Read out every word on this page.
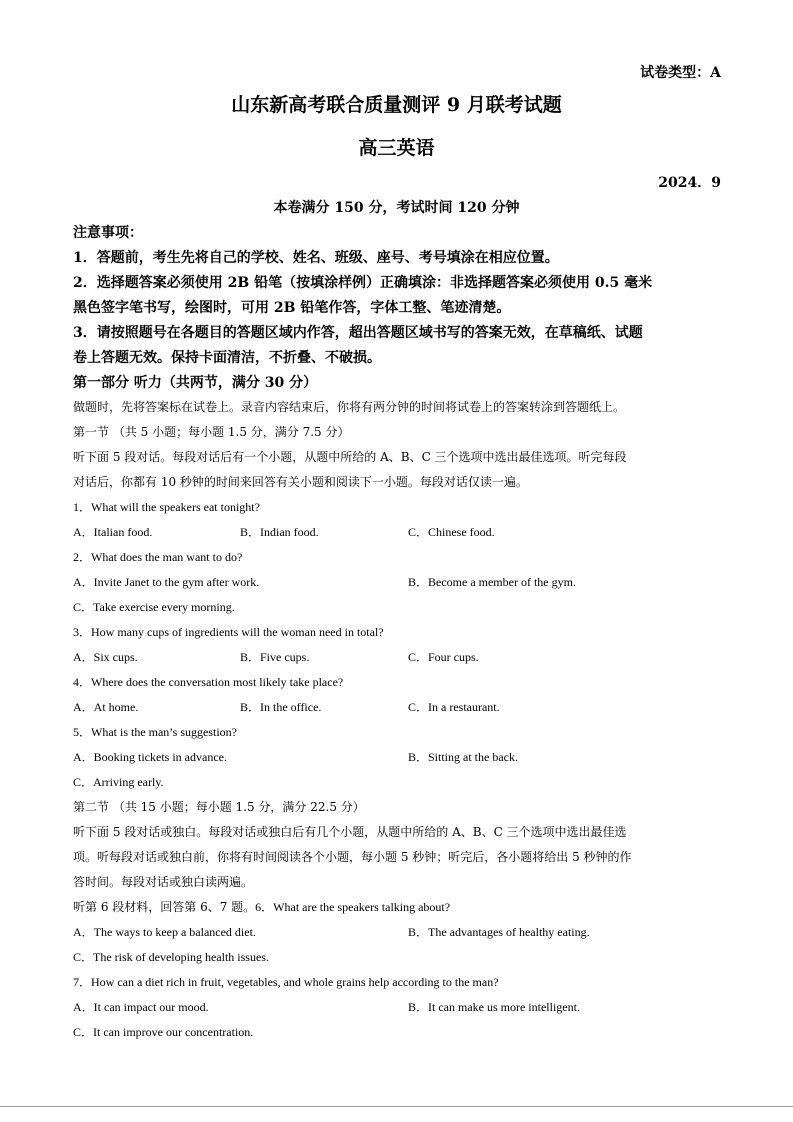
试卷类型：A
山东新高考联合质量测评 9 月联考试题
高三英语
2024．9
本卷满分 150 分，考试时间 120 分钟
注意事项：
1．答题前，考生先将自己的学校、姓名、班级、座号、考号填涂在相应位置。
2．选择题答案必须使用 2B 铅笔（按填涂样例）正确填涂：非选择题答案必须使用 0.5 毫米
黑色签字笔书写，绘图时，可用 2B 铅笔作答，字体工整、笔迹清楚。
3．请按照题号在各题目的答题区域内作答，超出答题区域书写的答案无效，在草稿纸、试题
卷上答题无效。保持卡面清洁，不折叠、不破损。
第一部分 听力（共两节，满分 30 分）
做题时，先将答案标在试卷上。录音内容结束后，你将有两分钟的时间将试卷上的答案转涂到答题纸上。
第一节 （共 5 小题；每小题 1.5 分，满分 7.5 分）
听下面 5 段对话。每段对话后有一个小题，从题中所给的 A、B、C 三个选项中选出最佳选项。听完每段
对话后，你都有 10 秒钟的时间来回答有关小题和阅读下一小题。每段对话仅读一遍。
1．What will the speakers eat tonight?
A．Italian food.	B．Indian food.	C．Chinese food.
2．What does the man want to do?
A．Invite Janet to the gym after work.	B．Become a member of the gym.
C．Take exercise every morning.
3．How many cups of ingredients will the woman need in total?
A．Six cups.	B．Five cups.	C．Four cups.
4．Where does the conversation most likely take place?
A．At home.	B．In the office.	C．In a restaurant.
5．What is the man’s suggestion?
A．Booking tickets in advance.	B．Sitting at the back.
C．Arriving early.
第二节 （共 15 小题；每小题 1.5 分，满分 22.5 分）
听下面 5 段对话或独白。每段对话或独白后有几个小题，从题中所给的 A、B、C 三个选项中选出最佳选
项。听每段对话或独白前，你将有时间阅读各个小题，每小题 5 秒钟；听完后，各小题将给出 5 秒钟的作
答时间。每段对话或独白读两遍。
听第 6 段材料，回答第 6、7 题。6．What are the speakers talking about?
A．The ways to keep a balanced diet.	B．The advantages of healthy eating.
C．The risk of developing health issues.
7．How can a diet rich in fruit, vegetables, and whole grains help according to the man?
A．It can impact our mood.	B．It can make us more intelligent.
C．It can improve our concentration.
